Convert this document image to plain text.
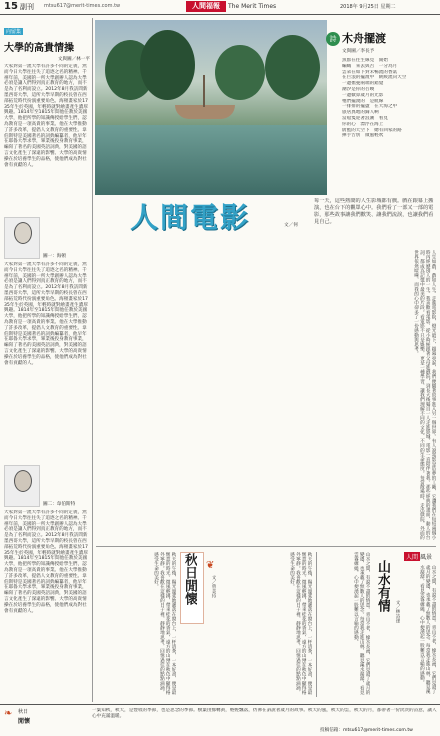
15 副刊 mtsu617@merit-times.com.tw	人間福報	The Merit Times	2018年 9月25日 星期二
向留集
大學的高貴情操
文與圖／林一平
大家對第一流大學有許多不同的定義，然而今日大學往往失了追逐之名的精神。千禧年前，美國的一所大學創辦人認為大學必須是讓人們得到真正教育的地方，而不是為了名利而設立。2012年8月我訪問新墨西哥大學，這所大學早期的校長曾在西部拓荒時代扮演重要角色。海頓畫家於1735年生於英國，年輕時就對繪畫產生濃厚興趣。1814年至1815年間他任教於美國大學，他把所學的知識傳授給學生們，認為教育是一項高貴的事業。他在大學推動了許多改革，提倡人文教育的重要性。韋伯斯特是美國著名的詞典編纂者，他早年在耶魯大學求學，畢業後投身教育事業，編寫了著名的美國英語詞典，對美國的語言文化產生了深遠的影響。大學的高貴情操在於培養學生的品格，使他們成為對社會有貢獻的人。
圖一：海頓
大家對第一流大學有許多不同的定義，然而今日大學往往失了追逐之名的精神。千禧年前，美國的一所大學創辦人認為大學必須是讓人們得到真正教育的地方，而不是為了名利而設立。2012年8月我訪問新墨西哥大學，這所大學早期的校長曾在西部拓荒時代扮演重要角色。海頓畫家於1735年生於英國，年輕時就對繪畫產生濃厚興趣。1814年至1815年間他任教於美國大學，他把所學的知識傳授給學生們，認為教育是一項高貴的事業。他在大學推動了許多改革，提倡人文教育的重要性。韋伯斯特是美國著名的詞典編纂者，他早年在耶魯大學求學，畢業後投身教育事業，編寫了著名的美國英語詞典，對美國的語言文化產生了深遠的影響。大學的高貴情操在於培養學生的品格，使他們成為對社會有貢獻的人。
圖二：韋伯斯特
大家對第一流大學有許多不同的定義，然而今日大學往往失了追逐之名的精神。千禧年前，美國的一所大學創辦人認為大學必須是讓人們得到真正教育的地方，而不是為了名利而設立。2012年8月我訪問新墨西哥大學，這所大學早期的校長曾在西部拓荒時代扮演重要角色。海頓畫家於1735年生於英國，年輕時就對繪畫產生濃厚興趣。1814年至1815年間他任教於美國大學，他把所學的知識傳授給學生們，認為教育是一項高貴的事業。他在大學推動了許多改革，提倡人文教育的重要性。韋伯斯特是美國著名的詞典編纂者，他早年在耶魯大學求學，畢業後投身教育事業，編寫了著名的美國英語詞典，對美國的語言文化產生了深遠的影響。大學的高貴情操在於培養學生的品格，使他們成為對社會有貢獻的人。
詩 木舟擺渡
文與圖／李長予
魚群在往生線見　開始
編織　來去與否　一分為月
雲朵在如下對未暢流的香氣
在巨浪的擺渡中　緩緩流向天空
一邊擔憂兩端的錯覺
潮汐是你的召喚
一邊數算歲月的光影
牠們擺渡的　是航線
一排排的擺盪　在大海之中
旅居異地的歸人啊
當船隻迎著浪潮　看見
你的心　漂浮在海上
蔚藍的天空下　總有回家的路
揮手告別　微風輕吹
人間電影	文／何
每一天，這些熱鬧的人生影城都有戲。戲在銀幕上搬演，也在台下的觀眾心中。我們看了一部又一部的電影，那些故事讓我們歡笑、讓我們流淚，也讓我們看見自己。
人生如戲，戲如人生。走進電影院，燈光暗下，銀幕亮起，我們便隨著故事進入另一個世界。有人說電影是造夢的工廠，它讓我們在短短兩個小時內經歷別人的一生。我喜歡看電影，從小時候跟著父母進戲院，到長大後獨自一人走進影城，電影一直陪伴著我。那些經典的畫面、動人的台詞，都成為記憶中最美的片段。看電影不只是娛樂，更是一種學習，讓我們理解不同的文化、不同的生命態度。每當散場時，走出戲院，外面的世界依然喧嘩，而我的心中卻多了一份感動與思考。
秋日閒懷 ❦
文／曾美玲
秋天的午後，陽光溫柔地灑落在窗台上，一杯清茶，一本好書，便是最愜意的時光。微風輕拂，帶來桂花的香氣，遠方的山巒在秋色中顯得格外寧靜。我喜歡在這樣的日子裡，靜靜地思考，回憶過往的點點滴滴，感受生命的美好。	秋天的午後，陽光溫柔地灑落在窗台上，一杯清茶，一本好書，便是最愜意的時光。微風輕拂，帶來桂花的香氣，遠方的山巒在秋色中顯得格外寧靜。我喜歡在這樣的日子裡，靜靜地思考，回憶過往的點點滴滴，感受生命的美好。	山水之間，有說不盡的情意。青山不老，綠水長流，它們見證了歲月的變遷，也承載了無數人的思念。每當我走進山林，聽見溪水潺潺，看見雲霧繚繞，心中便湧起一股難以言喻的感動。	山水有情	文／林詩達
人間 風景
山水之間，有說不盡的情意。青山不老，綠水長流，它們見證了歲月的變遷，也承載了無數人的思念。每當我走進山林，聽見溪水潺潺，看見雲霧繚繞，心中便湧起一股難以言喻的感動。
❧ 秋日
閒懷
一葉知秋，秋天，是豐收的季節，也是思念的季節。樹葉由綠轉黃，輕輕飄落，彷彿在訴說著歲月的故事。秋天的風，秋天的雲，秋天的月，都帶著一份淡淡的詩意，讓人心中充滿溫暖。
投稿信箱：mtsu617@merit-times.com.tw
